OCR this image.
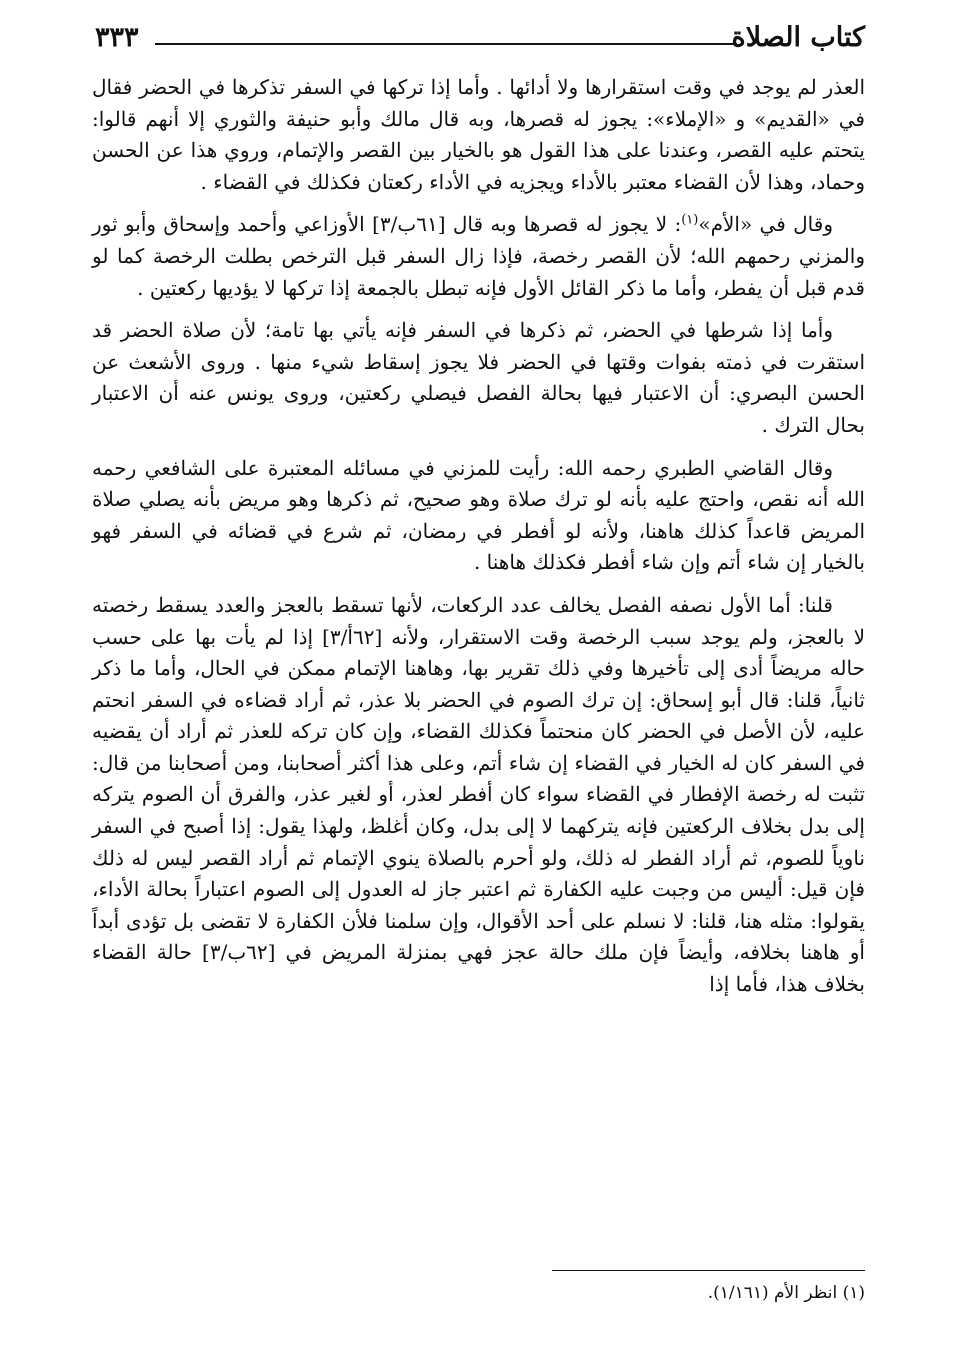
كتاب الصلاة
٣٣٣

العذر لم يوجد في وقت استقرارها ولا أدائها . وأما إذا تركها في السفر تذكرها في الحضر فقال في «القديم» و «الإملاء»: يجوز له قصرها، وبه قال مالك وأبو حنيفة والثوري إلا أنهم قالوا: يتحتم عليه القصر، وعندنا على هذا القول هو بالخيار بين القصر والإتمام، وروي هذا عن الحسن وحماد، وهذا لأن القضاء معتبر بالأداء ويجزيه في الأداء ركعتان فكذلك في القضاء .

وقال في «الأم»$^{(١)}$: لا يجوز له قصرها وبه قال [٦١ب/٣] الأوزاعي وأحمد وإسحاق وأبو ثور والمزني رحمهم الله؛ لأن القصر رخصة، فإذا زال السفر قبل الترخص بطلت الرخصة كما لو قدم قبل أن يفطر، وأما ما ذكر القائل الأول فإنه تبطل بالجمعة إذا تركها لا يؤديها ركعتين .

وأما إذا شرطها في الحضر، ثم ذكرها في السفر فإنه يأتي بها تامة؛ لأن صلاة الحضر قد استقرت في ذمته بفوات وقتها في الحضر فلا يجوز إسقاط شيء منها . وروى الأشعث عن الحسن البصري: أن الاعتبار فيها بحالة الفصل فيصلي ركعتين، وروى يونس عنه أن الاعتبار بحال الترك .

وقال القاضي الطبري رحمه الله: رأيت للمزني في مسائله المعتبرة على الشافعي رحمه الله أنه نقص، واحتج عليه بأنه لو ترك صلاة وهو صحيح، ثم ذكرها وهو مريض بأنه يصلي صلاة المريض قاعداً كذلك هاهنا، ولأنه لو أفطر في رمضان، ثم شرع في قضائه في السفر فهو بالخيار إن شاء أتم وإن شاء أفطر فكذلك هاهنا .

قلنا: أما الأول نصفه الفصل يخالف عدد الركعات، لأنها تسقط بالعجز والعدد يسقط رخصته لا بالعجز، ولم يوجد سبب الرخصة وقت الاستقرار، ولأنه [٦٢أ/٣] إذا لم يأت بها على حسب حاله مريضاً أدى إلى تأخيرها وفي ذلك تقرير بها، وهاهنا الإتمام ممكن في الحال، وأما ما ذكر ثانياً، قلنا: قال أبو إسحاق: إن ترك الصوم في الحضر بلا عذر، ثم أراد قضاءه في السفر انحتم عليه، لأن الأصل في الحضر كان منحتماً فكذلك القضاء، وإن كان تركه للعذر ثم أراد أن يقضيه في السفر كان له الخيار في القضاء إن شاء أتم، وعلى هذا أكثر أصحابنا، ومن أصحابنا من قال: تثبت له رخصة الإفطار في القضاء سواء كان أفطر لعذر، أو لغير عذر، والفرق أن الصوم يتركه إلى بدل بخلاف الركعتين فإنه يتركهما لا إلى بدل، وكان أغلظ، ولهذا يقول: إذا أصبح في السفر ناوياً للصوم، ثم أراد الفطر له ذلك، ولو أحرم بالصلاة ينوي الإتمام ثم أراد القصر ليس له ذلك فإن قيل: أليس من وجبت عليه الكفارة ثم اعتبر جاز له العدول إلى الصوم اعتباراً بحالة الأداء، يقولوا: مثله هنا، قلنا: لا نسلم على أحد الأقوال، وإن سلمنا فلأن الكفارة لا تقضى بل تؤدى أبداً أو هاهنا بخلافه، وأيضاً فإن ملك حالة عجز فهي بمنزلة المريض في [٦٢ب/٣] حالة القضاء بخلاف هذا، فأما إذا

(١) انظر الأم (١/١٦١).
